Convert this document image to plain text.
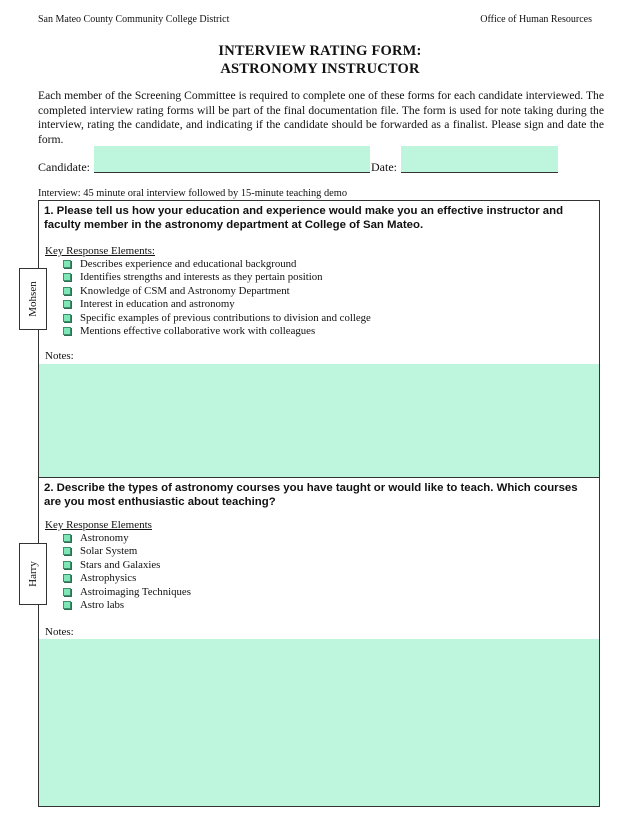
San Mateo County Community College District	Office of Human Resources
INTERVIEW RATING FORM:
ASTRONOMY INSTRUCTOR
Each member of the Screening Committee is required to complete one of these forms for each candidate interviewed. The completed interview rating forms will be part of the final documentation file. The form is used for note taking during the interview, rating the candidate, and indicating if the candidate should be forwarded as a finalist. Please sign and date the form.
Candidate:	Date:
Interview: 45 minute oral interview followed by 15-minute teaching demo
1. Please tell us how your education and experience would make you an effective instructor and faculty member in the astronomy department at College of San Mateo.
Key Response Elements:
Describes experience and educational background
Identifies strengths and interests as they pertain position
Knowledge of CSM and Astronomy Department
Interest in education and astronomy
Specific examples of previous contributions to division and college
Mentions effective collaborative work with colleagues
Notes:
2. Describe the types of astronomy courses you have taught or would like to teach. Which courses are you most enthusiastic about teaching?
Key Response Elements
Astronomy
Solar System
Stars and Galaxies
Astrophysics
Astroimaging Techniques
Astro labs
Notes:
Mohsen
Harry
